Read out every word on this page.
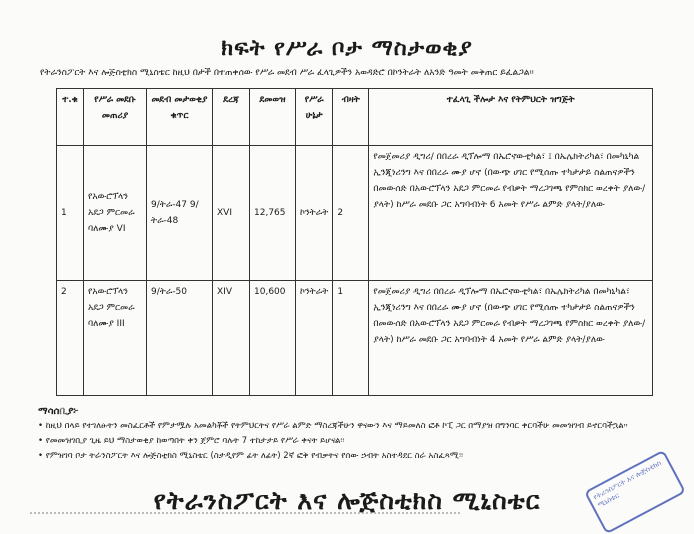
ክፍት የሥራ ቦታ ማስታወቂያ
የትራንስፖርት እና ሎጅስቲክስ ሚኒስቴር ከዚህ በታች በተጠቀሰው የሥራ መደብ ሥራ ፈላጊዎችን አወዳድሮ በኮንትራት ለአንድ ዓመት መቅጠር ይፈልጋል፡፡
ተ.ቁ	የሥራ መደቡ መጠሪያ	መደብ መታወቂያ ቁጥር	ደረጃ	ደመወዝ	የሥራ ሁኔታ	ብዛት	ተፈላጊ ችሎታ እና የትምህርት ዝግጅት
1	የአውሮፕላን አደጋ ምርመራ ባለሙያ VI	9/ትራ-47 9/ትራ-48	XVI	12,765	ኮንትራት	2	የመጀመሪያ ዲግሪ/ በበረራ ዲፕሎማ በኤሮኖውቲካል፣ ፤ በኤሌክትሪካል፣ በመካኒካል ኢንጂነሪንግ እና በበረራ ሙያ ሆኖ (በውጭ ሀገር የሚሰጡ ተካታታይ ስልጠናዎችን በመውሰድ በአውሮፕላን አደጋ ምርመራ የብቃት ማረጋገጫ የምስክር ወረቀት ያለው/ያላት) ከሥራ መደቡ ጋር አግባብነት 6 አመት የሥራ ልምድ ያላት/ያለው
2	የአውሮፕላን አደጋ ምርመራ ባለሙያ III	9/ትራ-50	XIV	10,600	ኮንትራት	1	የመጀመሪያ ዲግሪ በበረራ ዲፕሎማ በኤሮኖውቲካል፣ በኤሌክትሪካል በመካኒካል፣ ኢንጂነሪንግ እና በበረራ ሙያ ሆኖ (በውጭ ሀገር የሚሰጡ ተካታታይ ስልጠናዎችን በመውሰድ በአውሮፕላን አደጋ ምርመራ የብቃት ማረጋገጫ የምስክር ወረቀት ያለው/ያላት) ከሥራ መደቡ ጋር አግባብነት 4 አመት የሥራ ልምድ ያላት/ያለው
ማሳሰቢያ፦
• ከዚህ በላይ የተገለፁትን መስፈርቶች የምታሟሉ አመልካቾች የትምህርትና የሥራ ልምድ ማስረጃችሁን ዋናውን እና ማይመለስ ፎቶ ኮፒ ጋር በማያዝ በግንባር ቀርባችሁ መመዝገብ ይኖርባችኋል።
• የመመዝገቢያ ጊዜ ይህ ማስታወቂያ ከወጣበት ቀን ጀምሮ ባሉት 7 ተከታታይ የሥራ ቀናት ይሆናል፡፡
• የምዝገባ ቦታ ትራንስፖርት እና ሎጅስቲክስ ሚኒስቴር (ስታዲየም ፊት ለፊት) 2ኛ ፎቅ የብቃትና የሰው ኃብት አስተዳደር ስራ አስፈጻሚ፡፡
የትራንስፖርት እና ሎጅስቲክስ ሚኒስቴር	የትራንስፖርት እና ሎጅስቲክስ ሚኒስቴር
